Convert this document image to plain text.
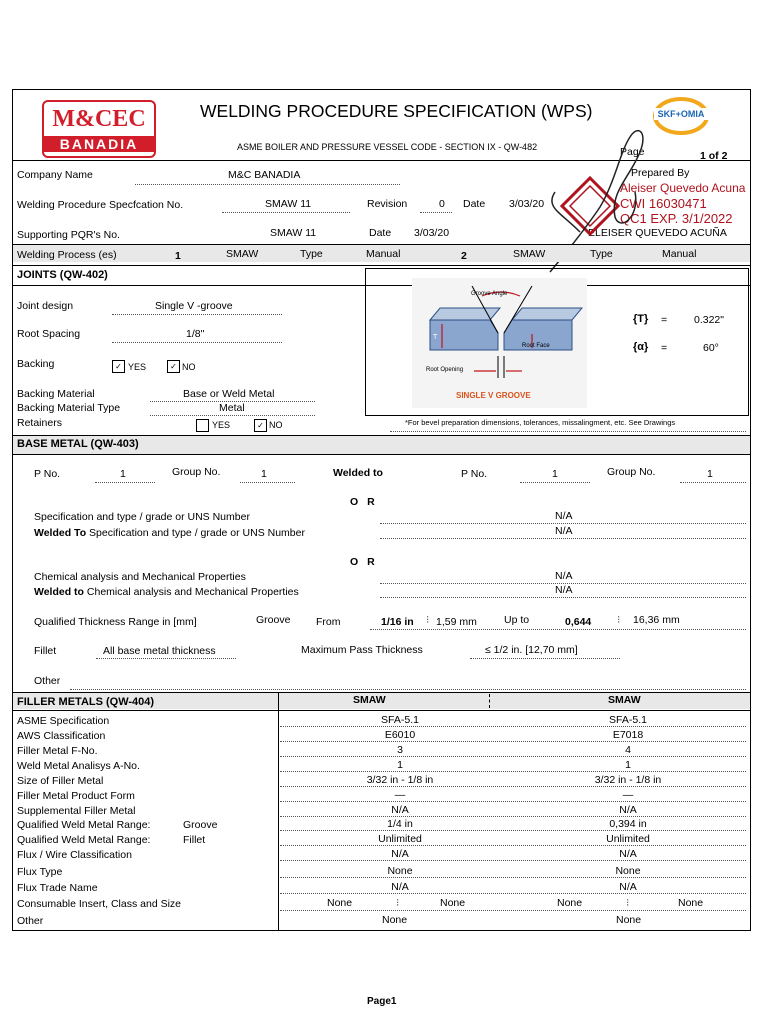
M&CEC
BANADIA
WELDING PROCEDURE SPECIFICATION (WPS)
ASME BOILER AND PRESSURE VESSEL CODE - SECTION IX - QW-482
SKF+OMIA
Page	1 of 2
Company Name	M&C BANADIA	Prepared By
Welding Procedure Specfcation No.	SMAW 11	Revision	0 Date 3/03/20
Supporting PQR's No.	SMAW 11	Date 3/03/20	ELEISER QUEVEDO ACUÑA
Aleiser Quevedo Acuna
CWI 16030471
QC1 EXP. 3/1/2022
Welding Process (es)	1	SMAW	Type	Manual	2	SMAW	Type	Manual
JOINTS (QW-402)
Joint design	Single V -groove
Root Spacing	1/8"
Backing	✓ YES	✓ NO
Backing Material	Base or Weld Metal
Backing Material Type	Metal
Retainers	YES	✓ NO
Groove Angle
T
Root Face
Root Opening
SINGLE V GROOVE
{T} =	0.322"
{α} =	60°
*For bevel preparation dimensions, tolerances, missalingment, etc. See Drawings
BASE METAL (QW-403)
P No.	1	Group No.	1	Welded to	P No.	1	Group No.	1
O R
Specification and type / grade or UNS Number	N/A
Welded To Specification and type / grade or UNS Number	N/A
O R
Chemical analysis and Mechanical Properties	N/A
Welded to Chemical analysis and Mechanical Properties	N/A
Qualified Thickness Range in [mm]	Groove From	1/16 in ⁝ 1,59 mm	Up to	0,644 ⁝ 16,36 mm
Fillet	All base metal thickness	Maximum Pass Thickness	≤ 1/2 in. [12,70 mm]
Other
FILLER METALS (QW-404)	SMAW	SMAW
ASME Specification	SFA-5.1	SFA-5.1
AWS Classification	E6010	E7018
Filler Metal F-No.	3	4
Weld Metal Analisys A-No.	1	1
Size of Filler Metal	3/32 in - 1/8 in	3/32 in - 1/8 in
Filler Metal Product Form	—	—
Supplemental Filler Metal	N/A	N/A
Qualified Weld Metal Range:	Groove	1/4 in	0,394 in
Qualified Weld Metal Range:	Fillet	Unlimited	Unlimited
Flux / Wire Classification	N/A	N/A
Flux Type	None	None
Flux Trade Name	N/A	N/A
Consumable Insert, Class and Size	None	⁝	None	None	⁝	None
Other	None	None
Page1
